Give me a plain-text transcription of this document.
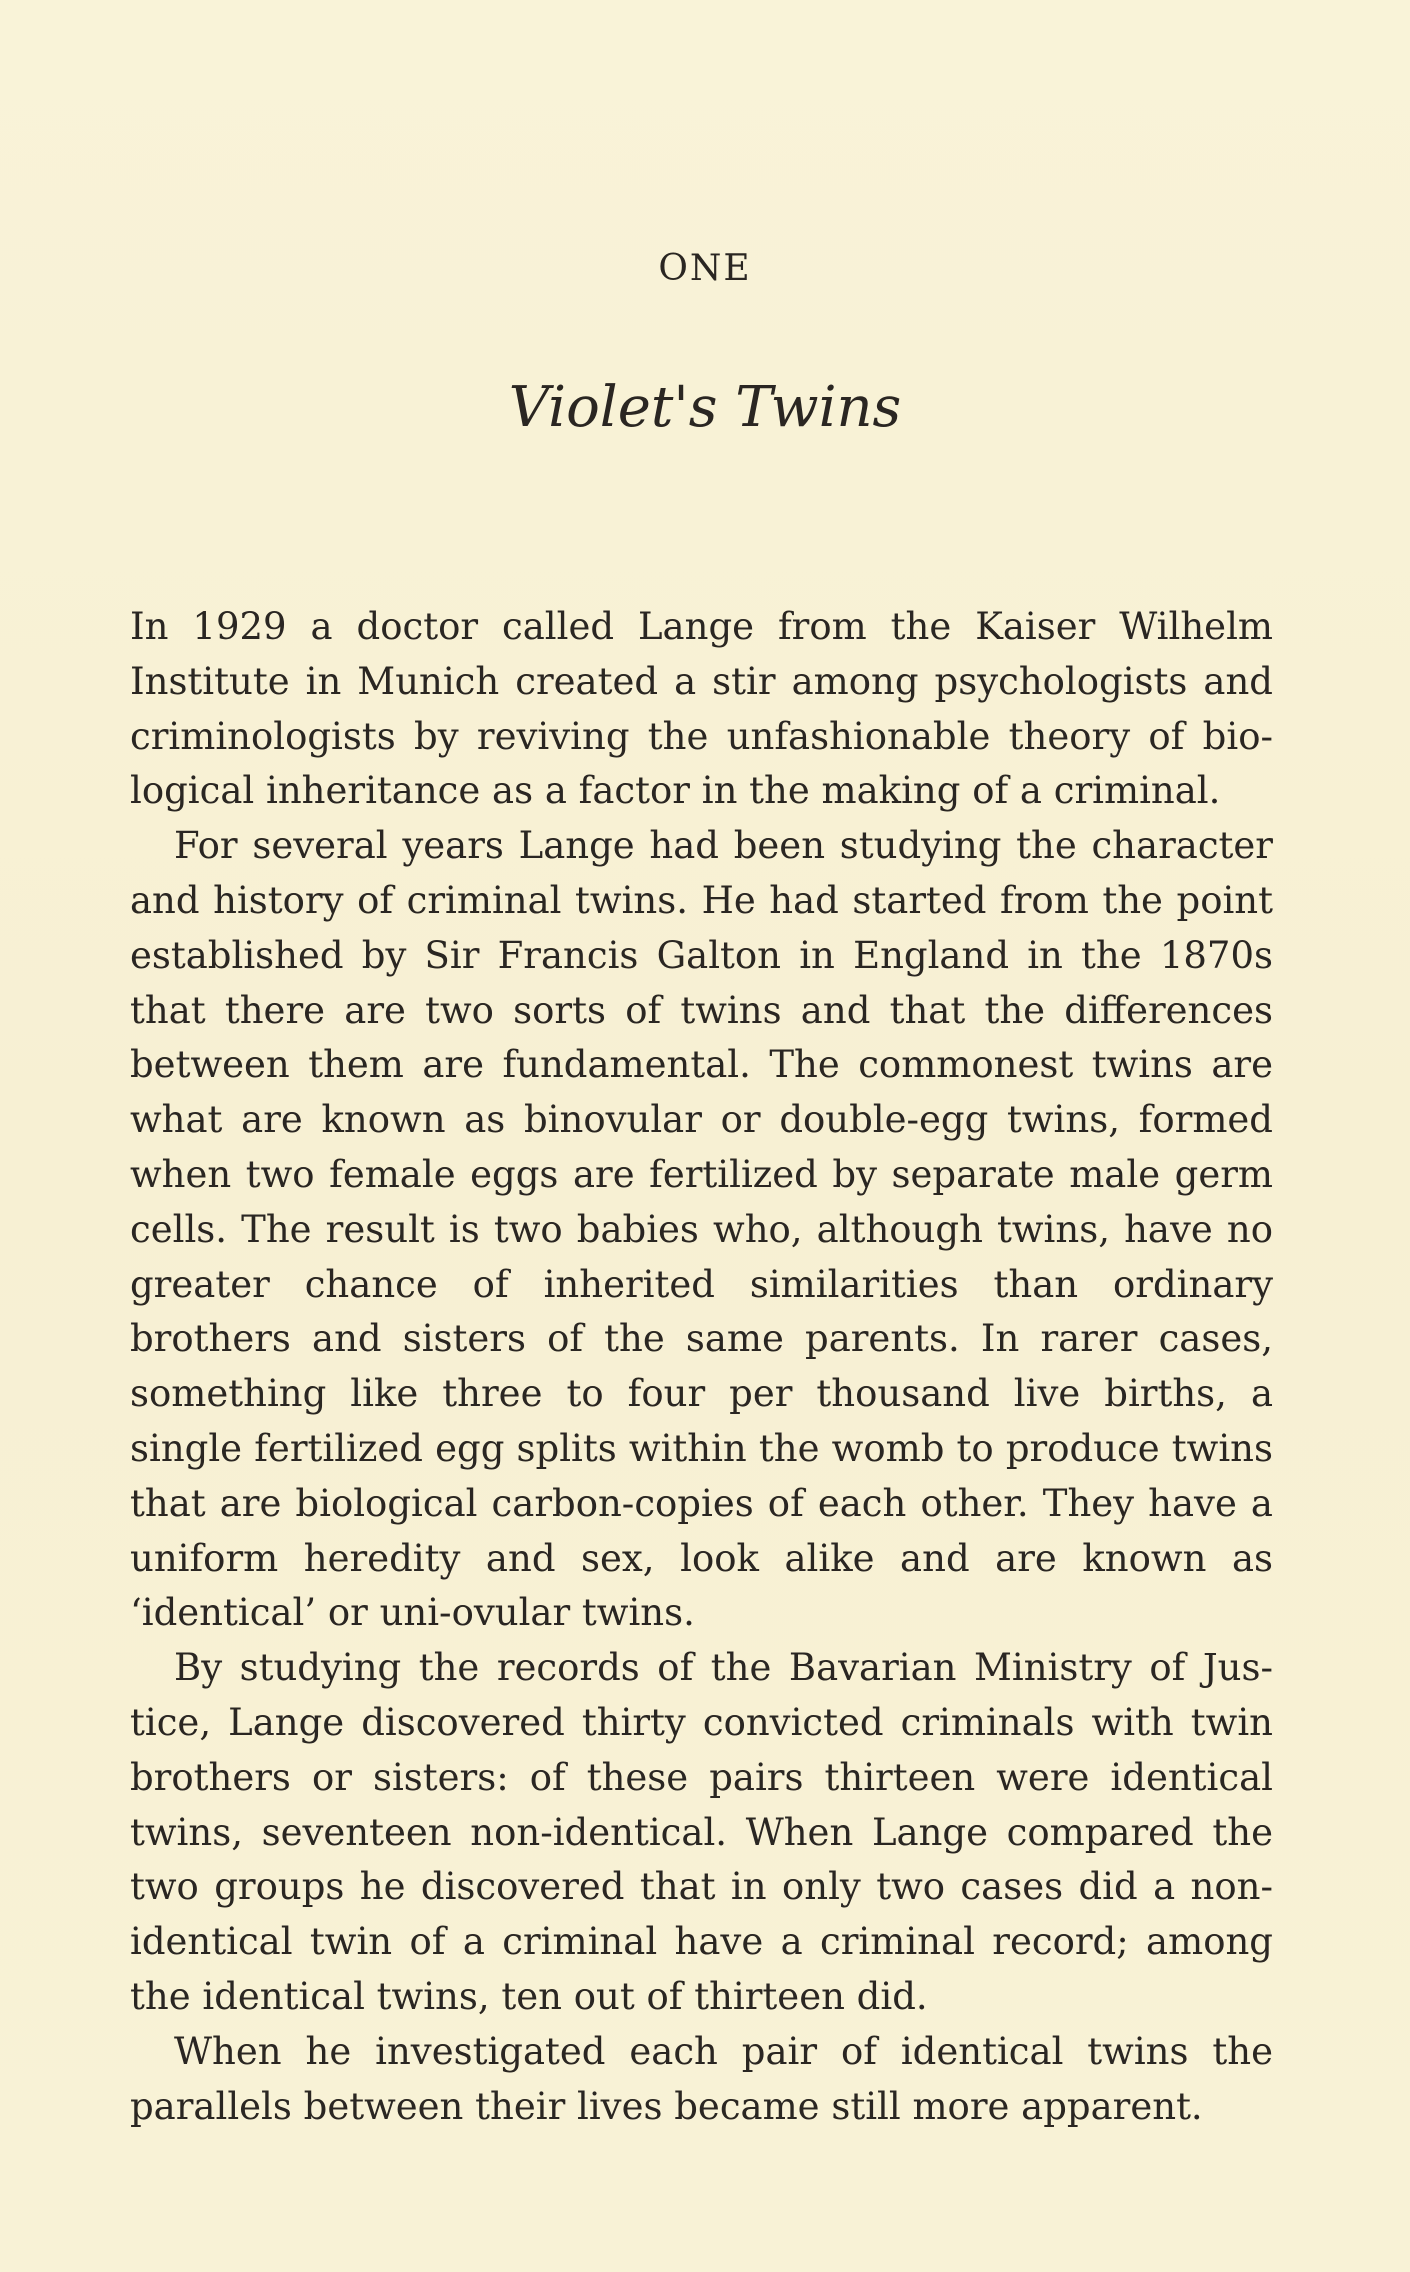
ONE
Violet's Twins

In 1929 a doctor called Lange from the Kaiser Wilhelm Institute in Munich created a stir among psychologists and criminologists by reviving the unfashionable theory of biological inheritance as a factor in the making of a criminal.

For several years Lange had been studying the character and history of criminal twins. He had started from the point established by Sir Francis Galton in England in the 1870s that there are two sorts of twins and that the differences between them are fundamental. The commonest twins are what are known as binovular or double-egg twins, formed when two female eggs are fertilized by separate male germ cells. The result is two babies who, although twins, have no greater chance of inherited similarities than ordinary brothers and sisters of the same parents. In rarer cases, something like three to four per thousand live births, a single fertilized egg splits within the womb to produce twins that are biological carbon-copies of each other. They have a uniform heredity and sex, look alike and are known as ‘identical’ or uni-ovular twins.

By studying the records of the Bavarian Ministry of Justice, Lange discovered thirty convicted criminals with twin brothers or sisters: of these pairs thirteen were identical twins, seventeen non-identical. When Lange compared the two groups he discovered that in only two cases did a non-identical twin of a criminal have a criminal record; among the identical twins, ten out of thirteen did.

When he investigated each pair of identical twins the parallels between their lives became still more apparent.
